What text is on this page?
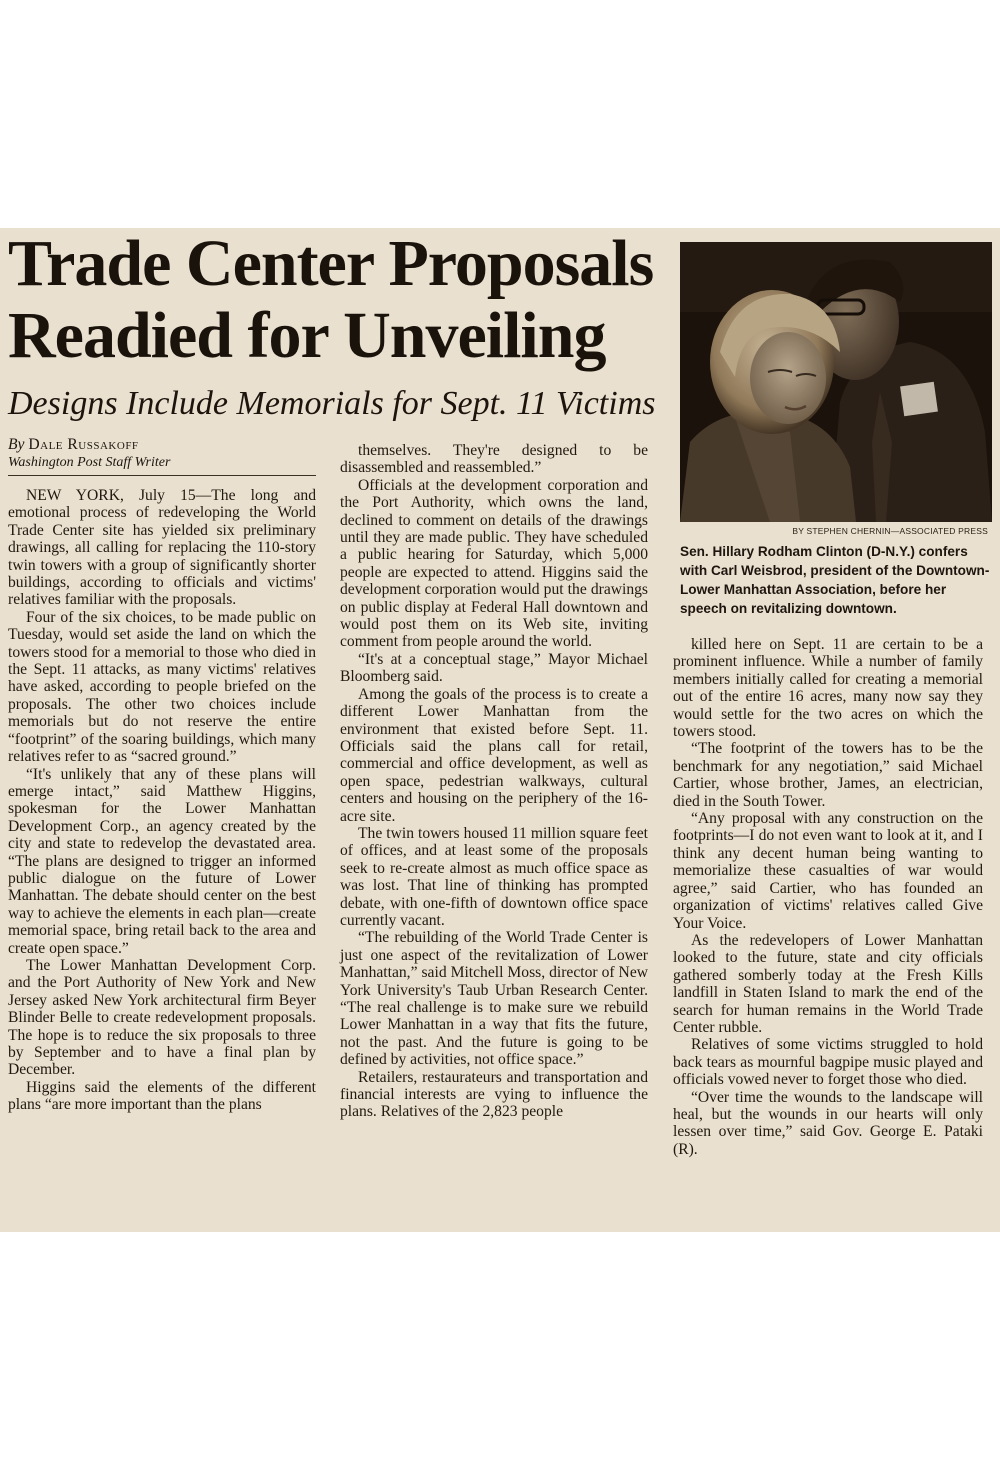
Trade Center Proposals Readied for Unveiling
Designs Include Memorials for Sept. 11 Victims
BY STEPHEN CHERNIN—ASSOCIATED PRESS
Sen. Hillary Rodham Clinton (D-N.Y.) confers with Carl Weisbrod, president of the Downtown-Lower Manhattan Association, before her speech on revitalizing downtown.

NEW YORK, July 15—The long and emotional process of redeveloping the World Trade Center site has yielded six preliminary drawings, all calling for replacing the 110-story twin towers with a group of significantly shorter buildings, according to officials and victims' relatives familiar with the proposals.

Four of the six choices, to be made public on Tuesday, would set aside the land on which the towers stood for a memorial to those who died in the Sept. 11 attacks, as many victims' relatives have asked, according to people briefed on the proposals. The other two choices include memorials but do not reserve the entire “footprint” of the soaring buildings, which many relatives refer to as “sacred ground.”

“It's unlikely that any of these plans will emerge intact,” said Matthew Higgins, spokesman for the Lower Manhattan Development Corp., an agency created by the city and state to redevelop the devastated area. “The plans are designed to trigger an informed public dialogue on the future of Lower Manhattan. The debate should center on the best way to achieve the elements in each plan—create memorial space, bring retail back to the area and create open space.”

The Lower Manhattan Development Corp. and the Port Authority of New York and New Jersey asked New York architectural firm Beyer Blinder Belle to create redevelopment proposals. The hope is to reduce the six proposals to three by September and to have a final plan by December.

Higgins said the elements of the different plans “are more important than the plans

By Dale Russakoff

Washington Post Staff Writer

themselves. They're designed to be disassembled and reassembled.”

Officials at the development corporation and the Port Authority, which owns the land, declined to comment on details of the drawings until they are made public. They have scheduled a public hearing for Saturday, which 5,000 people are expected to attend. Higgins said the development corporation would put the drawings on public display at Federal Hall downtown and would post them on its Web site, inviting comment from people around the world.

“It's at a conceptual stage,” Mayor Michael Bloomberg said.

Among the goals of the process is to create a different Lower Manhattan from the environment that existed before Sept. 11. Officials said the plans call for retail, commercial and office development, as well as open space, pedestrian walkways, cultural centers and housing on the periphery of the 16-acre site.

The twin towers housed 11 million square feet of offices, and at least some of the proposals seek to re-create almost as much office space as was lost. That line of thinking has prompted debate, with one-fifth of downtown office space currently vacant.

“The rebuilding of the World Trade Center is just one aspect of the revitalization of Lower Manhattan,” said Mitchell Moss, director of New York University's Taub Urban Research Center. “The real challenge is to make sure we rebuild Lower Manhattan in a way that fits the future, not the past. And the future is going to be defined by activities, not office space.”

Retailers, restaurateurs and transportation and financial interests are vying to influence the plans. Relatives of the 2,823 people

killed here on Sept. 11 are certain to be a prominent influence. While a number of family members initially called for creating a memorial out of the entire 16 acres, many now say they would settle for the two acres on which the towers stood.

“The footprint of the towers has to be the benchmark for any negotiation,” said Michael Cartier, whose brother, James, an electrician, died in the South Tower.

“Any proposal with any construction on the footprints—I do not even want to look at it, and I think any decent human being wanting to memorialize these casualties of war would agree,” said Cartier, who has founded an organization of victims' relatives called Give Your Voice.

As the redevelopers of Lower Manhattan looked to the future, state and city officials gathered somberly today at the Fresh Kills landfill in Staten Island to mark the end of the search for human remains in the World Trade Center rubble.

Relatives of some victims struggled to hold back tears as mournful bagpipe music played and officials vowed never to forget those who died.

“Over time the wounds to the landscape will heal, but the wounds in our hearts will only lessen over time,” said Gov. George E. Pataki (R).
